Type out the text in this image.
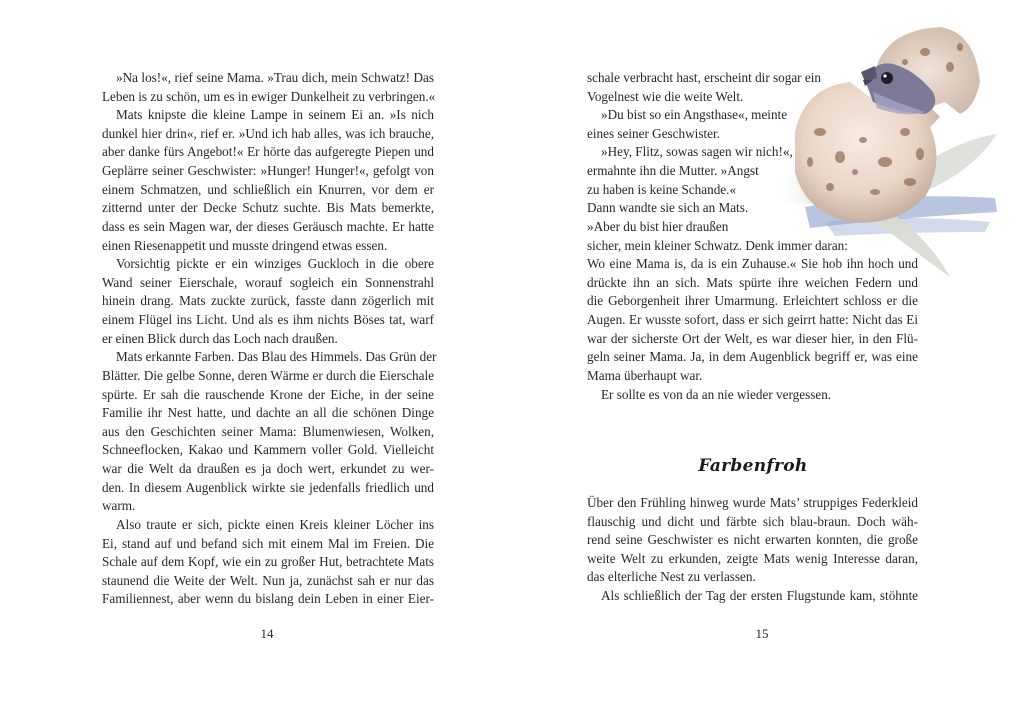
»Na los!«, rief seine Mama. »Trau dich, mein Schwatz! Das
Leben is zu schön, um es in ewiger Dunkelheit zu verbringen.«
Mats knipste die kleine Lampe in seinem Ei an. »Is nich
dunkel hier drin«, rief er. »Und ich hab alles, was ich brauche,
aber danke fürs Angebot!« Er hörte das aufgeregte Piepen und
Geplärre seiner Geschwister: »Hunger! Hunger!«, gefolgt von
einem Schmatzen, und schließlich ein Knurren, vor dem er
zitternd unter der Decke Schutz suchte. Bis Mats bemerkte,
dass es sein Magen war, der dieses Geräusch machte. Er hatte
einen Riesenappetit und musste dringend etwas essen.
Vorsichtig pickte er ein winziges Guckloch in die obere
Wand seiner Eierschale, worauf sogleich ein Sonnenstrahl
hinein drang. Mats zuckte zurück, fasste dann zögerlich mit
einem Flügel ins Licht. Und als es ihm nichts Böses tat, warf
er einen Blick durch das Loch nach draußen.
Mats erkannte Farben. Das Blau des Himmels. Das Grün der
Blätter. Die gelbe Sonne, deren Wärme er durch die Eierschale
spürte. Er sah die rauschende Krone der Eiche, in der seine
Familie ihr Nest hatte, und dachte an all die schönen Dinge
aus den Geschichten seiner Mama: Blumenwiesen, Wolken,
Schneeflocken, Kakao und Kammern voller Gold. Vielleicht
war die Welt da draußen es ja doch wert, erkundet zu wer-
den. In diesem Augenblick wirkte sie jedenfalls friedlich und
warm.
Also traute er sich, pickte einen Kreis kleiner Löcher ins
Ei, stand auf und befand sich mit einem Mal im Freien. Die
Schale auf dem Kopf, wie ein zu großer Hut, betrachtete Mats
staunend die Weite der Welt. Nun ja, zunächst sah er nur das
Familiennest, aber wenn du bislang dein Leben in einer Eier-
14
schale verbracht hast, erscheint dir sogar ein
Vogelnest wie die weite Welt.
»Du bist so ein Angsthase«, meinte
eines seiner Geschwister.
»Hey, Flitz, sowas sagen wir nich!«,
ermahnte ihn die Mutter. »Angst
zu haben is keine Schande.«
Dann wandte sie sich an Mats.
»Aber du bist hier draußen
sicher, mein kleiner Schwatz. Denk immer daran:
Wo eine Mama is, da is ein Zuhause.« Sie hob ihn hoch und
drückte ihn an sich. Mats spürte ihre weichen Federn und
die Geborgenheit ihrer Umarmung. Erleichtert schloss er die
Augen. Er wusste sofort, dass er sich geirrt hatte: Nicht das Ei
war der sicherste Ort der Welt, es war dieser hier, in den Flü-
geln seiner Mama. Ja, in dem Augenblick begriff er, was eine
Mama überhaupt war.
Er sollte es von da an nie wieder vergessen.
Farbenfroh
Über den Frühling hinweg wurde Mats’ struppiges Federkleid
flauschig und dicht und färbte sich blau-braun. Doch wäh-
rend seine Geschwister es nicht erwarten konnten, die große
weite Welt zu erkunden, zeigte Mats wenig Interesse daran,
das elterliche Nest zu verlassen.
Als schließlich der Tag der ersten Flugstunde kam, stöhnte
15
